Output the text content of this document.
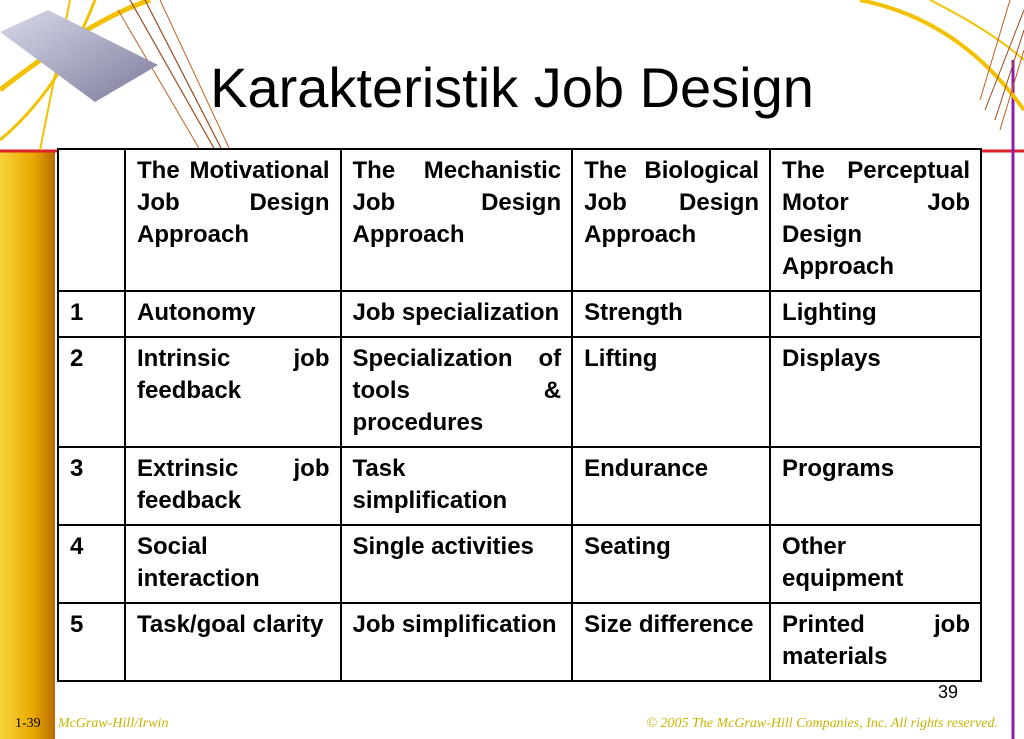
Karakteristik Job Design
	The Motivational Job Design Approach	The Mechanistic Job Design Approach	The Biological Job Design Approach	The Perceptual Motor Job Design Approach
1	Autonomy	Job specialization	Strength	Lighting
2	Intrinsic job feedback	Specialization of tools & procedures	Lifting	Displays
3	Extrinsic job feedback	Task simplification	Endurance	Programs
4	Social interaction	Single activities	Seating	Other equipment
5	Task/goal clarity	Job simplification	Size difference	Printed job materials
39
1-39 McGraw-Hill/Irwin	© 2005 The McGraw-Hill Companies, Inc. All rights reserved.
